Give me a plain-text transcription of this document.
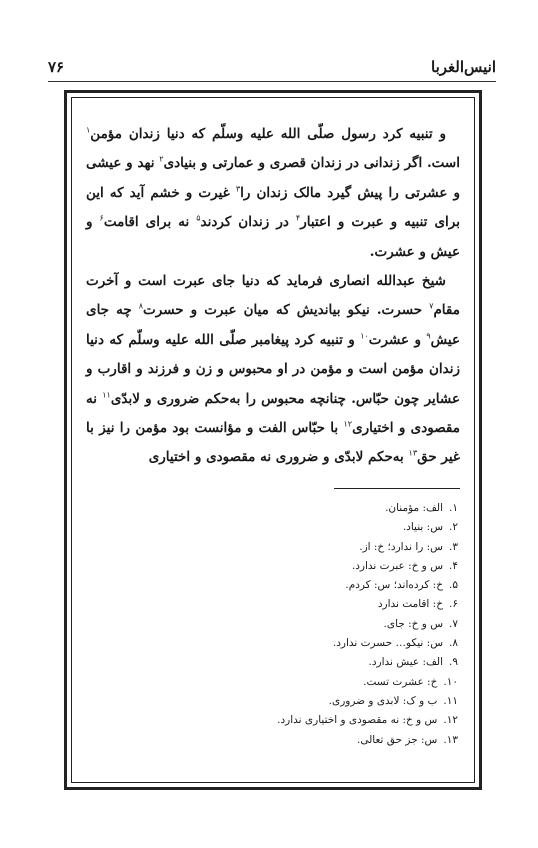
انیس‌الغربا
۷۶

و تنبیه کرد رسول صلّی الله علیه وسلّم که دنیا زندان مؤمن$^۱$ است. اگر زندانی در زندان قصری و عمارتی و بنیادی$^۲$ نهد و عیشی و عشرتی را پیش گیرد مالک زندان را$^۳$ غیرت و خشم آید که این برای تنبیه و عبرت و اعتبار$^۴$ در زندان کردند$^۵$ نه برای اقامت$^۶$ و عیش و عشرت.

شیخ عبدالله انصاری فرماید که دنیا جای عبرت است و آخرت مقام$^۷$ حسرت. نیکو بیاندیش که میان عبرت و حسرت$^۸$ چه جای عیش$^۹$ و عشرت$^{۱۰}$ و تنبیه کرد پیغامبر صلّی الله علیه وسلّم که دنیا زندان مؤمن است و مؤمن در او محبوس و زن و فرزند و اقارب و عشایر چون حبّاس. چنانچه محبوس را به‌حکم ضروری و لابدّی$^{۱۱}$ نه مقصودی و اختیاری$^{۱۲}$ با حبّاس الفت و مؤانست بود مؤمن را نیز با غیر حق$^{۱۳}$ به‌حکم لابدّی و ضروری نه مقصودی و اختیاری

۱.الف: مؤمنان.
۲.س: بنیاد.
۳.س: را ندارد؛ خ: از.
۴.س و خ: عبرت ندارد.
۵.خ: کرده‌اند؛ س: کردم.
۶.خ: اقامت ندارد
۷.س و خ: جای.
۸.س: نیکو… حسرت ندارد.
۹.الف: عیش ندارد.
۱۰.خ: عشرت تست.
۱۱.ب و ک: لابدی و ضروری.
۱۲.س و خ: نه مقصودی و اختیاری ندارد.
۱۳.س: جز حق تعالی.
